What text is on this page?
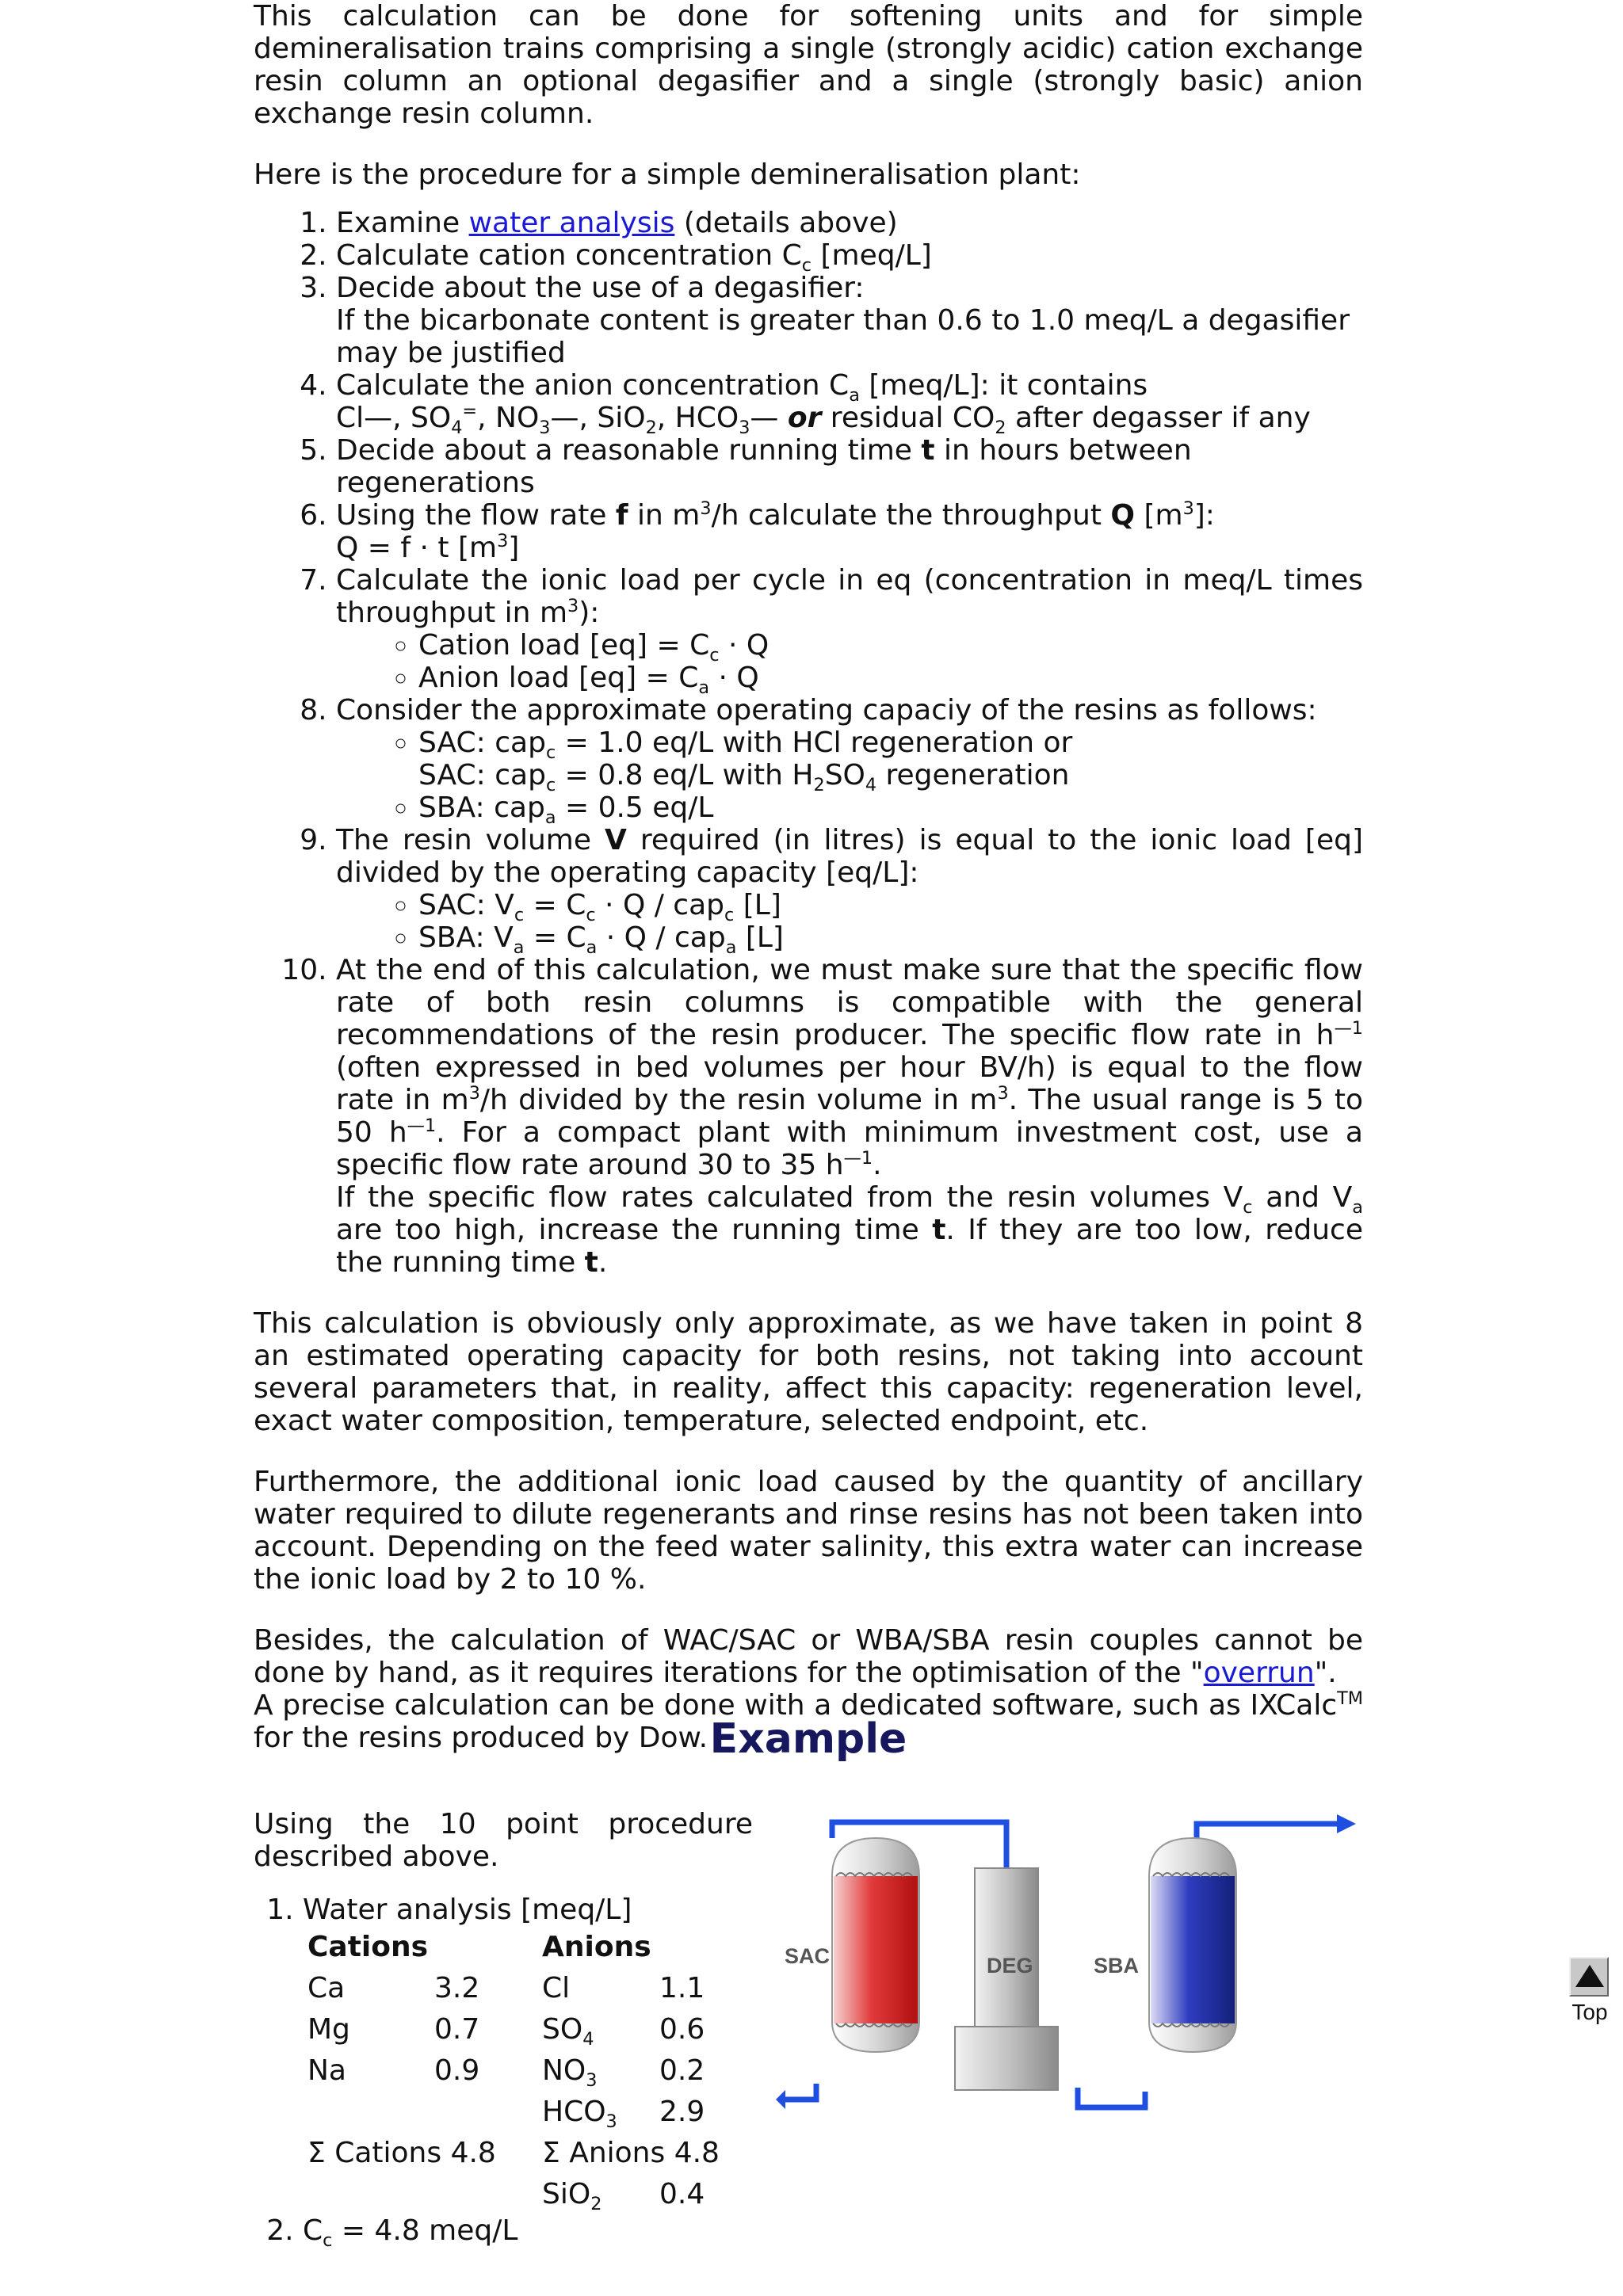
This calculation can be done for softening units and for simple demineralisation trains comprising a single (strongly acidic) cation exchange resin column an optional degasifier and a single (strongly basic) anion exchange resin column.

Here is the procedure for a simple demineralisation plant:

1. Examine water analysis (details above)
2. Calculate cation concentration $C_c$ [meq/L]
3. Decide about the use of a degasifier:
If the bicarbonate content is greater than 0.6 to 1.0 meq/L a degasifier may be justified
4. Calculate the anion concentration $C_a$ [meq/L]: it contains
Cl—, $SO_4^=$, $NO_3—$, SiO$_2$, $HCO_3—$ or residual $CO_2$ after degasser if any
5. Decide about a reasonable running time t in hours between regenerations
6. Using the flow rate f in $m^3/h$ calculate the throughput Q $[m^3]$:
Q = f · t $[m^3]$
7. Calculate the ionic load per cycle in eq (concentration in meq/L times throughput in $m^3$):
◦ Cation load $[eq] = C_c \cdot Q$
◦ Anion load $[eq] = C_a \cdot Q$
8. Consider the approximate operating capaciy of the resins as follows:
◦ SAC: cap$_c$ = 1.0 eq/L with HCl regeneration or
SAC: cap$_c$ = 0.8 eq/L with $H_2SO_4$ regeneration
◦ SBA: cap$_a$ = 0.5 eq/L
9. The resin volume V required (in litres) is equal to the ionic load [eq] divided by the operating capacity [eq/L]:
◦ SAC: $V_c = C_c \cdot Q / cap_c$ [L]
◦ SBA: $V_a = C_a \cdot Q / cap_a$ [L]
10. At the end of this calculation, we must make sure that the specific flow rate of both resin columns is compatible with the general recommendations of the resin producer. The specific flow rate in $h^{—1}$ (often expressed in bed volumes per hour BV/h) is equal to the flow rate in $m^3/h$ divided by the resin volume in $m^3$. The usual range is 5 to 50 $h^{—1}$. For a compact plant with minimum investment cost, use a specific flow rate around 30 to 35 $h^{—1}$.
If the specific flow rates calculated from the resin volumes $V_c$ and $V_a$ are too high, increase the running time t. If they are too low, reduce the running time t.

This calculation is obviously only approximate, as we have taken in point 8 an estimated operating capacity for both resins, not taking into account several parameters that, in reality, affect this capacity: regeneration level, exact water composition, temperature, selected endpoint, etc.

Furthermore, the additional ionic load caused by the quantity of ancillary water required to dilute regenerants and rinse resins has not been taken into account. Depending on the feed water salinity, this extra water can increase the ionic load by 2 to 10 %.

Besides, the calculation of WAC/SAC or WBA/SBA resin couples cannot be done by hand, as it requires iterations for the optimisation of the "overrun".
A precise calculation can be done with a dedicated software, such as IXCalc™ for the resins produced by Dow. Example

Using the 10 point procedure described above.

1. Water analysis [meq/L]
Cations		Anions	
Ca	3.2	Cl	1.1
Mg	0.7	$SO_4$	0.6
Na	0.9	$NO_3$	0.2
		$HCO_3$	2.9
Σ Cations 4.8		Σ Anions 4.8	
		SiO$_2$	0.4
2. $C_c = 4.8$ meq/L
SAC	DEG	SBA
Top
